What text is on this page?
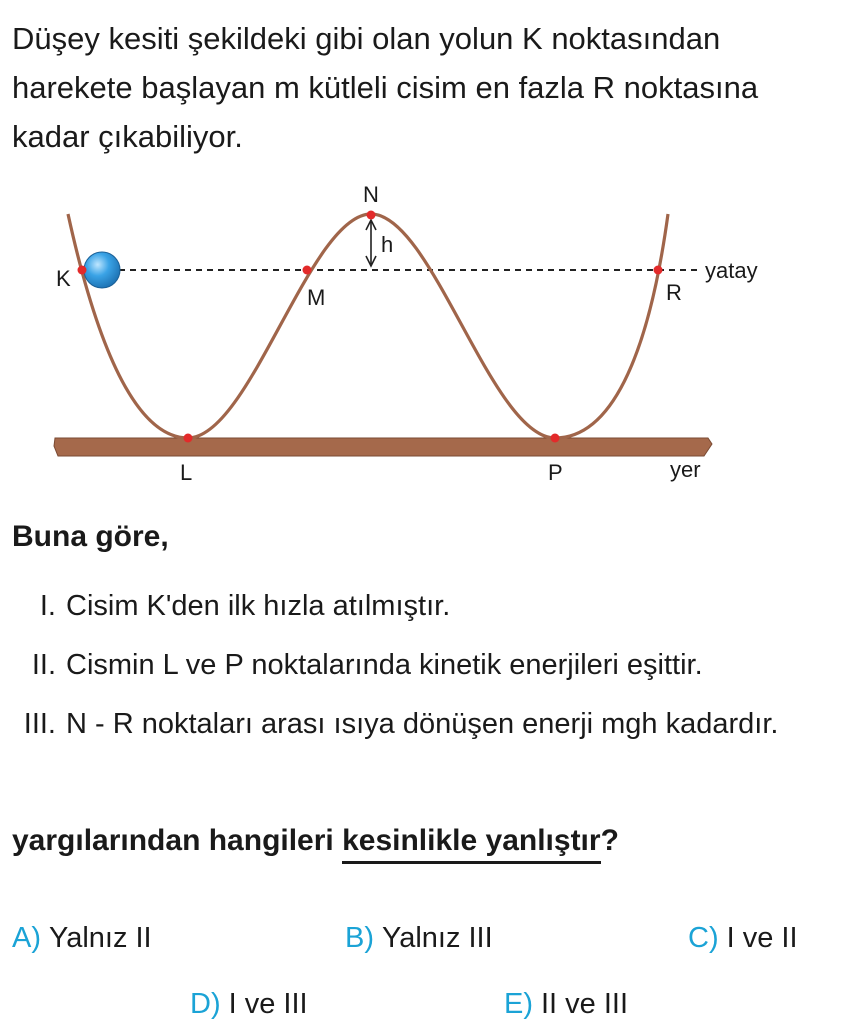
Düşey kesiti şekildeki gibi olan yolun K noktasından harekete başlayan m kütleli cisim en fazla R noktasına kadar çıkabiliyor.

K
M
N
h
R
yatay
L	P	yer

Buna göre,

I. Cisim K'den ilk hızla atılmıştır.
II. Cismin L ve P noktalarında kinetik enerjileri eşittir.
III. N - R noktaları arası ısıya dönüşen enerji mgh kadardır.

yargılarından hangileri kesinlikle yanlıştır?

A) Yalnız II	B) Yalnız III	C) I ve II
D) I ve III	E) II ve III
